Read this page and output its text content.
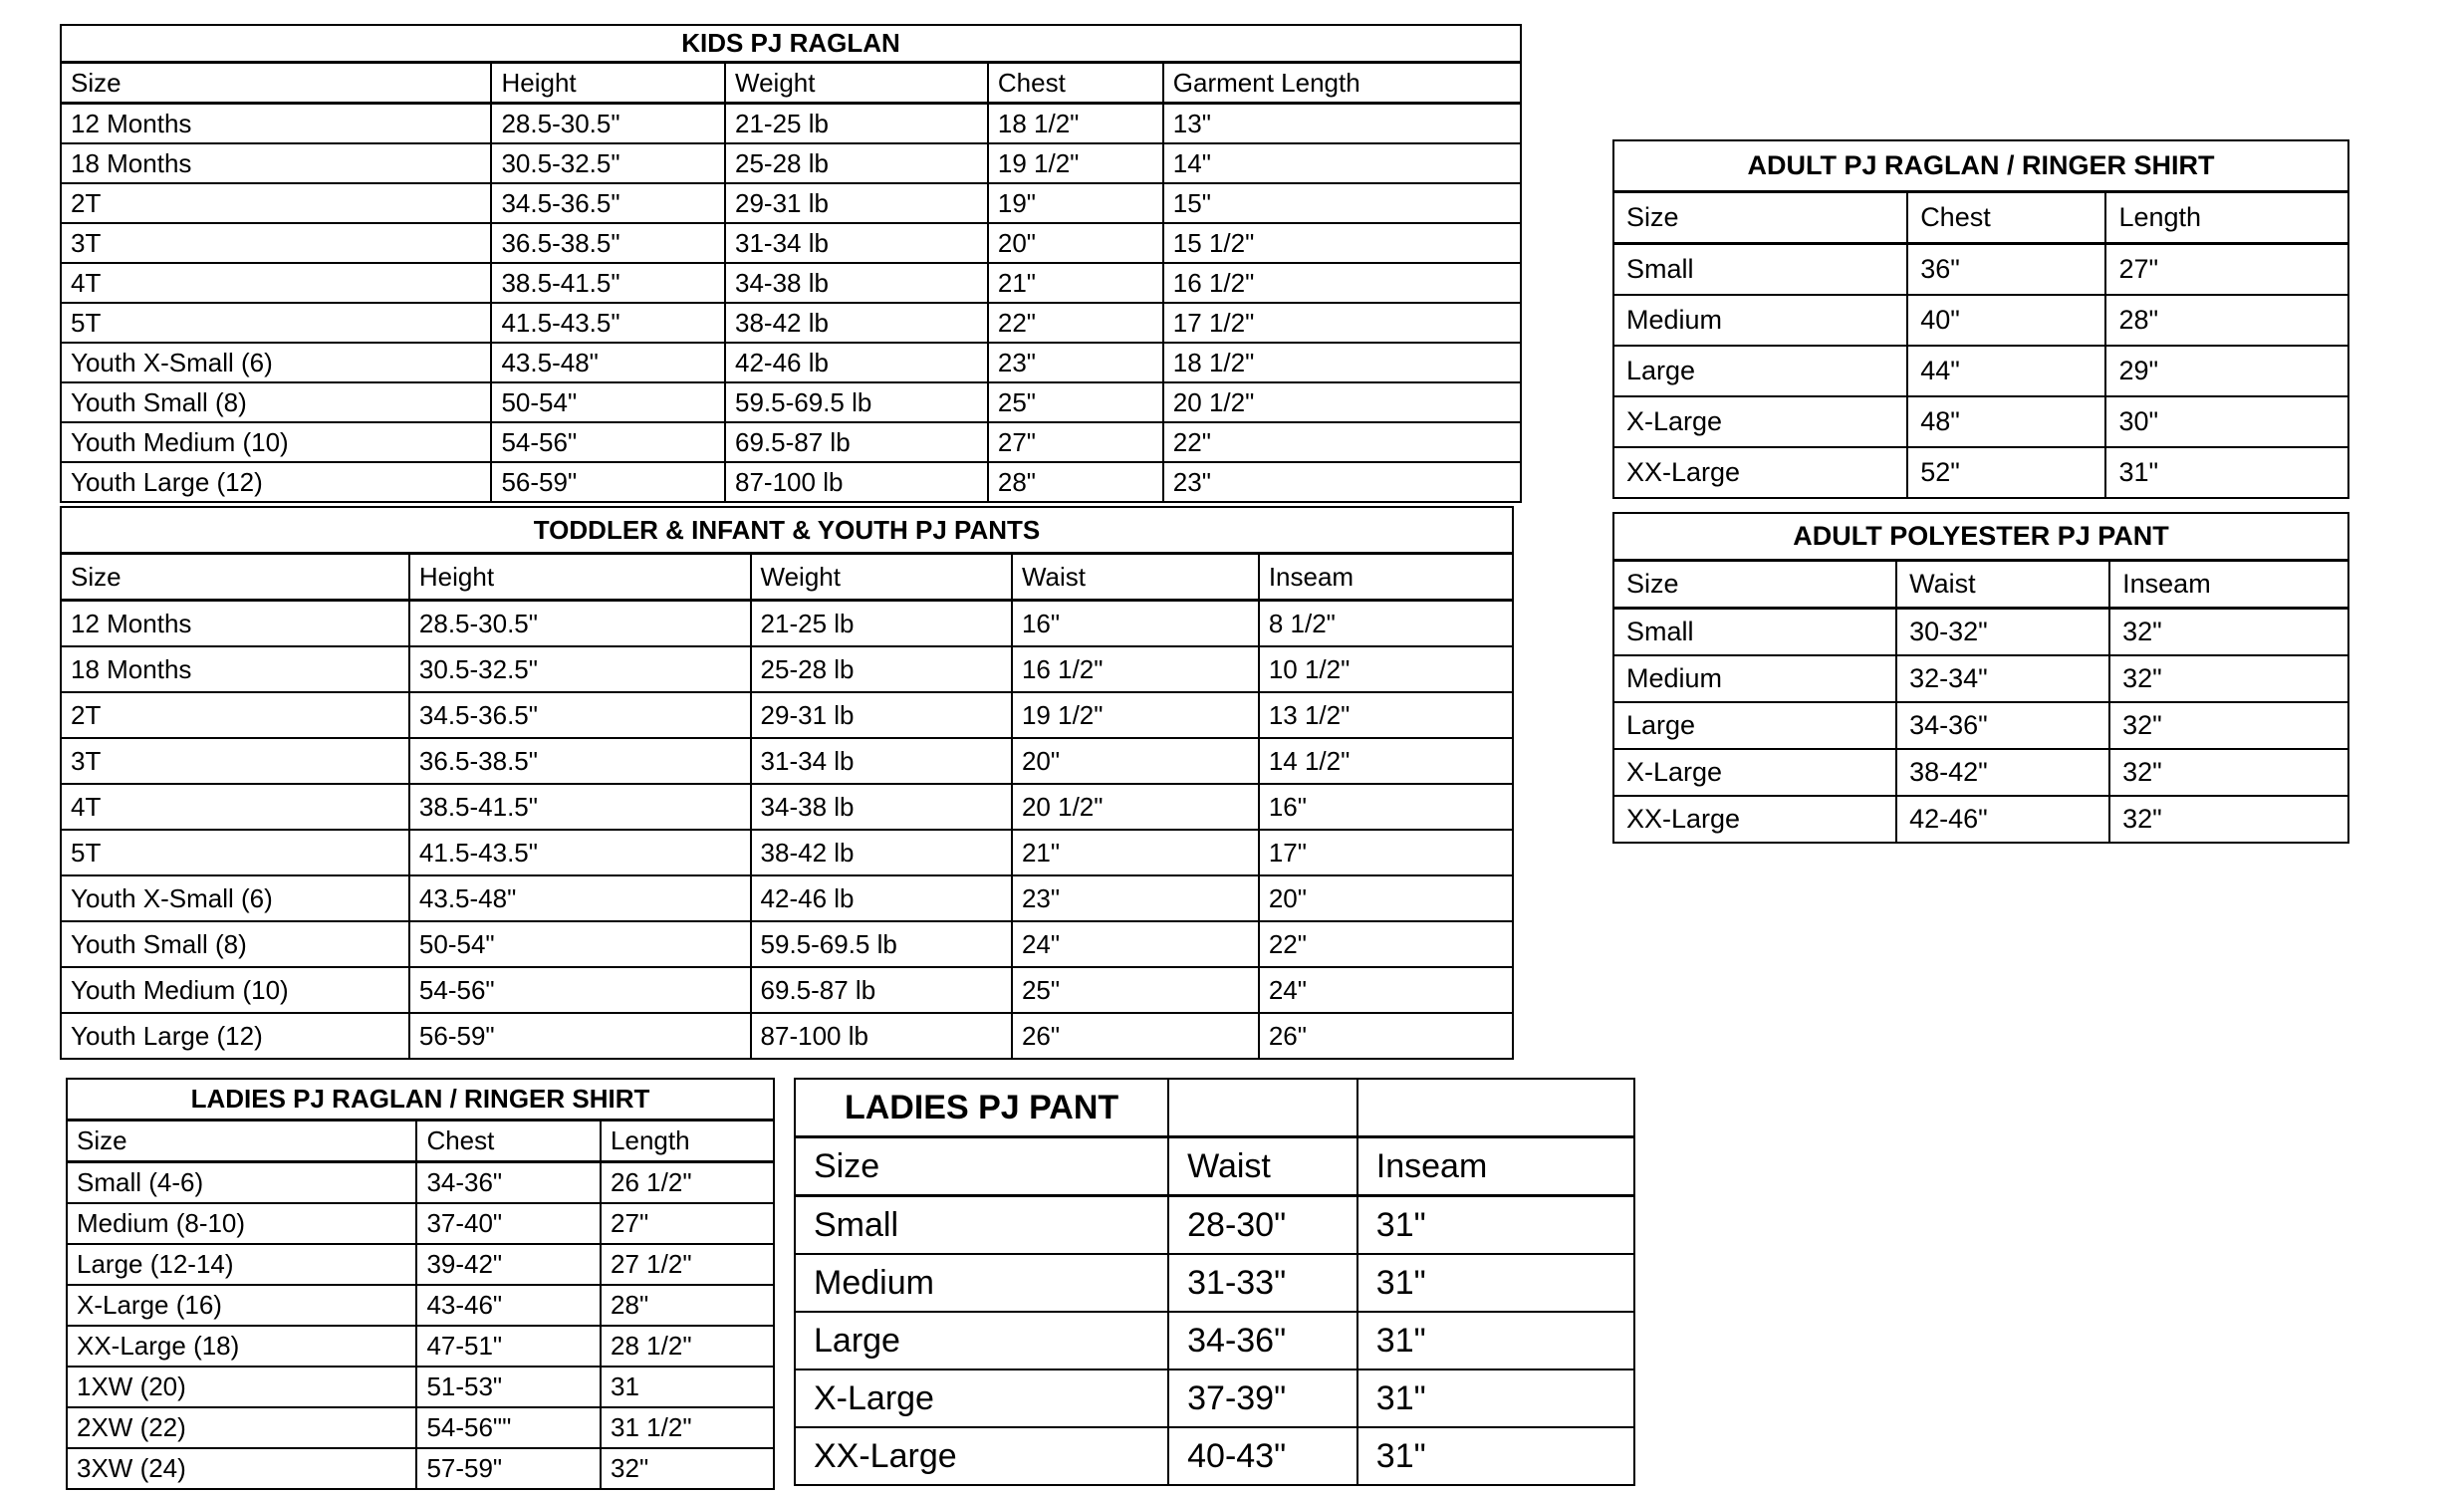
KIDS PJ RAGLAN				
Size	Height	Weight	Chest	Garment Length
12 Months	28.5-30.5"	21-25 lb	18 1/2"	13"
18 Months	30.5-32.5"	25-28 lb	19 1/2"	14"
2T	34.5-36.5"	29-31 lb	19"	15"
3T	36.5-38.5"	31-34 lb	20"	15 1/2"
4T	38.5-41.5"	34-38 lb	21"	16 1/2"
5T	41.5-43.5"	38-42 lb	22"	17 1/2"
Youth X-Small (6)	43.5-48"	42-46 lb	23"	18 1/2"
Youth Small (8)	50-54"	59.5-69.5 lb	25"	20 1/2"
Youth Medium (10)	54-56"	69.5-87 lb	27"	22"
Youth Large (12)	56-59"	87-100 lb	28"	23"
TODDLER & INFANT & YOUTH PJ PANTS				
Size	Height	Weight	Waist	Inseam
12 Months	28.5-30.5"	21-25 lb	16"	8 1/2"
18 Months	30.5-32.5"	25-28 lb	16 1/2"	10 1/2"
2T	34.5-36.5"	29-31 lb	19 1/2"	13 1/2"
3T	36.5-38.5"	31-34 lb	20"	14 1/2"
4T	38.5-41.5"	34-38 lb	20 1/2"	16"
5T	41.5-43.5"	38-42 lb	21"	17"
Youth X-Small (6)	43.5-48"	42-46 lb	23"	20"
Youth Small (8)	50-54"	59.5-69.5 lb	24"	22"
Youth Medium (10)	54-56"	69.5-87 lb	25"	24"
Youth Large (12)	56-59"	87-100 lb	26"	26"
ADULT PJ RAGLAN / RINGER SHIRT		
Size	Chest	Length
Small	36"	27"
Medium	40"	28"
Large	44"	29"
X-Large	48"	30"
XX-Large	52"	31"
ADULT POLYESTER PJ PANT		
Size	Waist	Inseam
Small	30-32"	32"
Medium	32-34"	32"
Large	34-36"	32"
X-Large	38-42"	32"
XX-Large	42-46"	32"
LADIES PJ RAGLAN / RINGER SHIRT		
Size	Chest	Length
Small (4-6)	34-36"	26 1/2"
Medium (8-10)	37-40"	27"
Large (12-14)	39-42"	27 1/2"
X-Large (16)	43-46"	28"
XX-Large (18)	47-51"	28 1/2"
1XW (20)	51-53"	31
2XW (22)	54-56""	31 1/2"
3XW (24)	57-59"	32"
LADIES PJ PANT		
Size	Waist	Inseam
Small	28-30"	31"
Medium	31-33"	31"
Large	34-36"	31"
X-Large	37-39"	31"
XX-Large	40-43"	31"
